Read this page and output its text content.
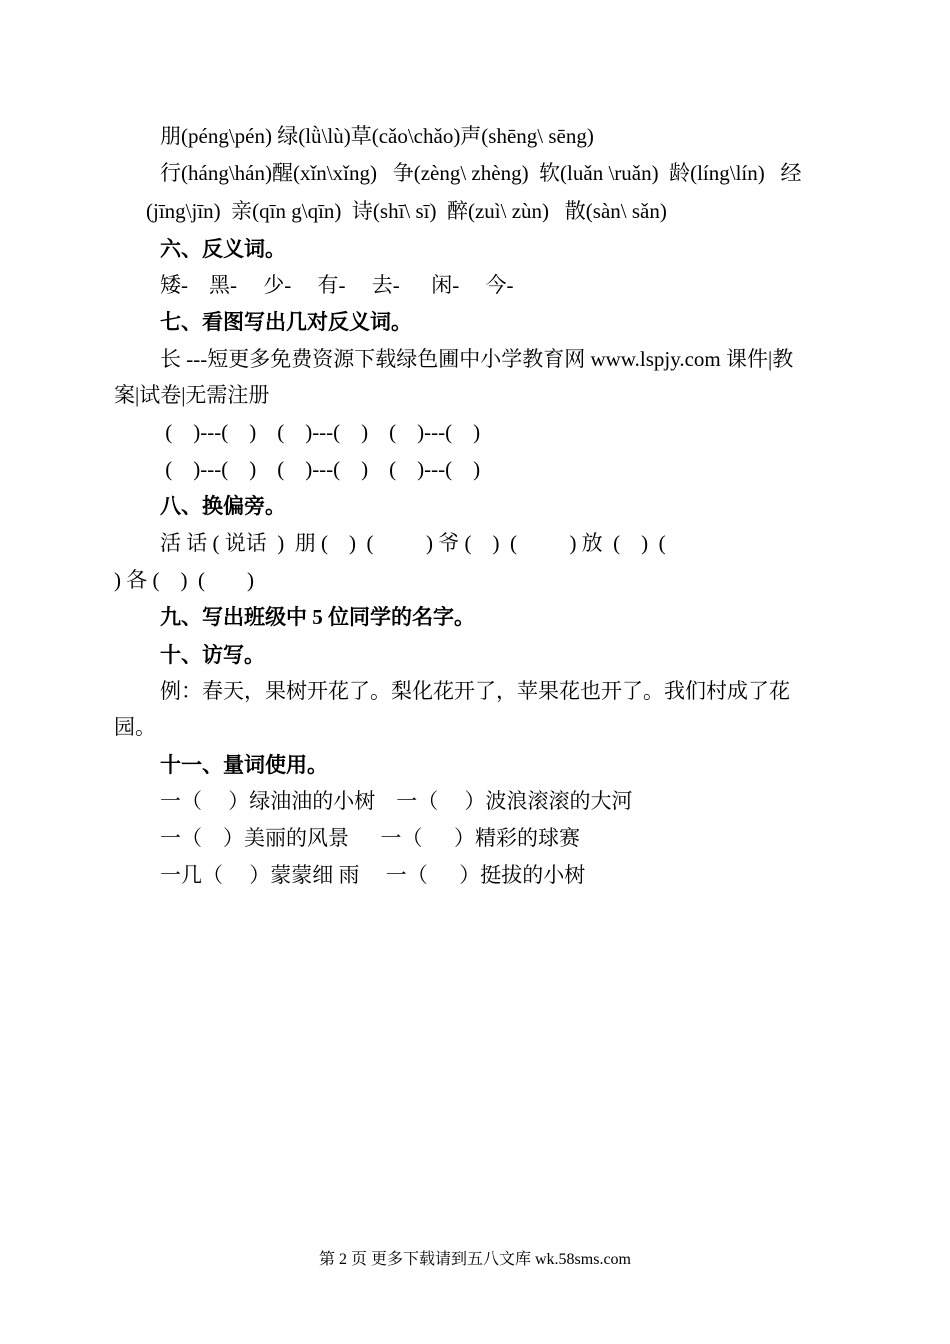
朋(péng\pén) 绿(lǜ\lù)草(cǎo\chǎo)声(shēng\ sēng)
行(háng\hán)醒(xǐn\xǐng)   争(zèng\ zhèng)  软(luǎn \ruǎn)  龄(líng\lín)   经
(jīng\jīn)  亲(qīn g\qīn)  诗(shī\ sī)  醉(zuì\ zùn)   散(sàn\ sǎn)
六、反义词。
矮-    黑-     少-     有-     去-      闲-     今-
七、看图写出几对反义词。
长 ---短更多免费资源下载绿色圃中小学教育网 www.lspjy.com 课件|教
案|试卷|无需注册
(    )---(    )    (    )---(    )    (    )---(    )
(    )---(    )    (    )---(    )    (    )---(    )
八、换偏旁。
活 话 ( 说话  )  朋 (    )  (          ) 爷 (    )  (          ) 放  (    )  (
) 各 (    )  (        )
九、写出班级中 5 位同学的名字。
十、访写。
例：春天，果树开花了。梨化花开了，苹果花也开了。我们村成了花
园。
十一、量词使用。
一（     ）绿油油的小树    一（     ）波浪滚滚的大河
一（    ）美丽的风景      一（      ）精彩的球赛
一几（     ）蒙蒙细 雨     一（      ）挺拔的小树
第 2 页 更多下载请到五八文库 wk.58sms.com
